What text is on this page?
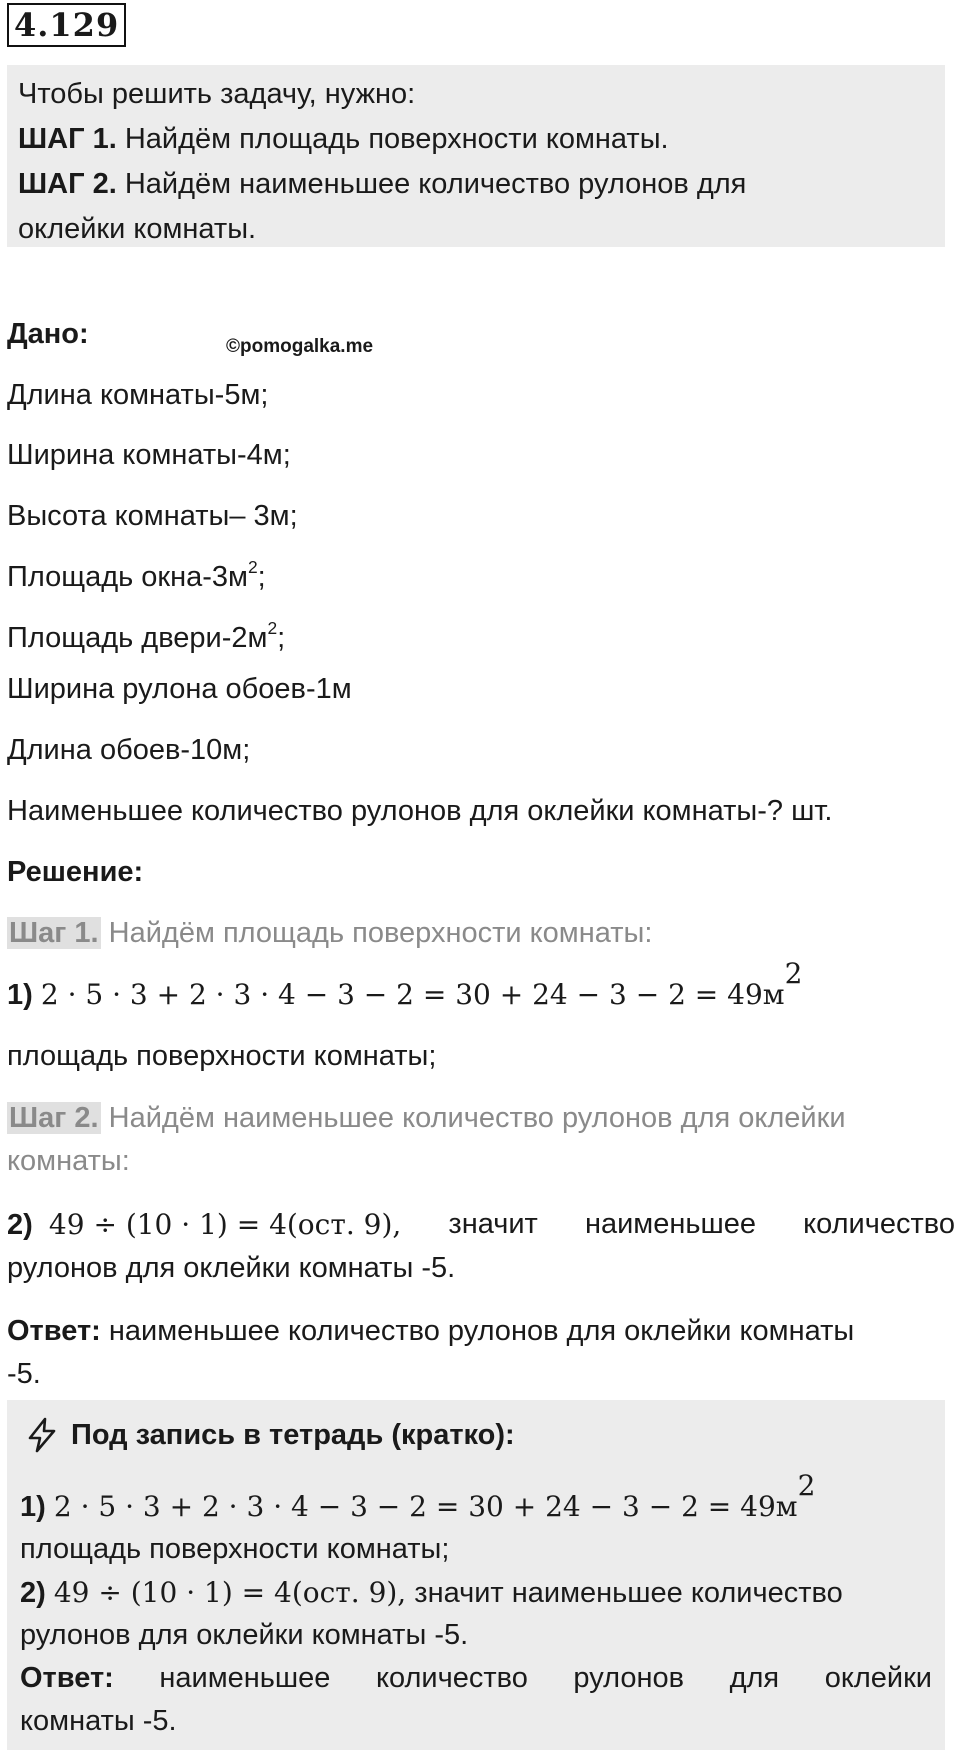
4.129

Чтобы решить задачу, нужно:

ШАГ 1. Найдём площадь поверхности комнаты.

ШАГ 2. Найдём наименьшее количество рулонов для

оклейки комнаты.

Дано:	©pomogalka.me
Длина комнаты-5м;
Ширина комнаты-4м;
Высота комнаты– 3м;
Площадь окна-$3м^2$;
Площадь двери-$2м^2$;
Ширина рулона обоев-1м
Длина обоев-10м;
Наименьшее количество рулонов для оклейки комнаты-? шт.
Решение:
Шаг 1. Найдём площадь поверхности комнаты:
1) $2 \cdot 5 \cdot 3 + 2 \cdot 3 \cdot 4 - 3 - 2 = 30 + 24 - 3 - 2 = 49м^2$
площадь поверхности комнаты;
Шаг 2. Найдём наименьшее количество рулонов для оклейки
комнаты:
2) 49 ÷ (10 · 1) = 4(ост. 9), значит наименьшее количество
рулонов для оклейки комнаты -5.
Ответ: наименьшее количество рулонов для оклейки комнаты
-5.
Под запись в тетрадь (кратко):
1) $2 \cdot 5 \cdot 3 + 2 \cdot 3 \cdot 4 - 3 - 2 = 30 + 24 - 3 - 2 = 49м^2$
площадь поверхности комнаты;
2) 49 ÷ (10 · 1) = 4(ост. 9), значит наименьшее количество
рулонов для оклейки комнаты -5.
Ответ: наименьшее количество рулонов для оклейки
комнаты -5.
